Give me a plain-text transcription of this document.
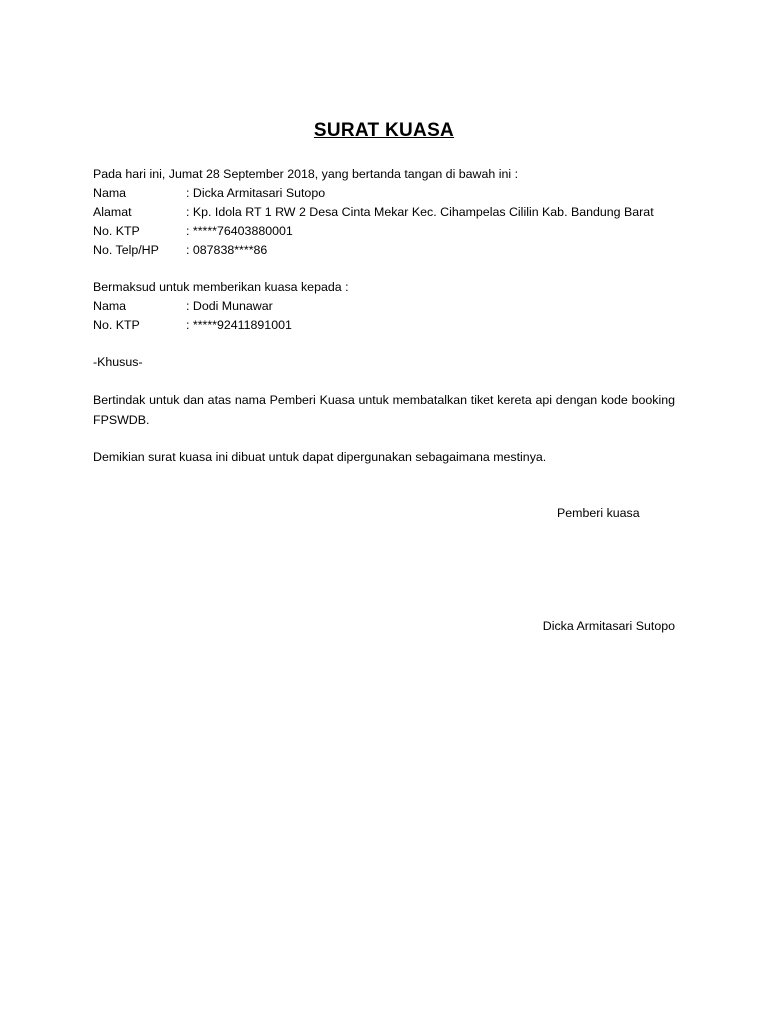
SURAT KUASA
Pada hari ini, Jumat 28 September 2018, yang bertanda tangan di bawah ini :
Nama	: Dicka Armitasari Sutopo
Alamat	: Kp. Idola RT 1 RW 2 Desa Cinta Mekar Kec. Cihampelas Cililin Kab. Bandung Barat
No. KTP	: *****76403880001
No. Telp/HP : 087838****86
Bermaksud untuk memberikan kuasa kepada :
Nama	: Dodi Munawar
No. KTP	: *****92411891001
-Khusus-
Bertindak untuk dan atas nama Pemberi Kuasa untuk membatalkan tiket kereta api dengan kode booking FPSWDB.
Demikian surat kuasa ini dibuat untuk dapat dipergunakan sebagaimana mestinya.
Pemberi kuasa
Dicka Armitasari Sutopo
